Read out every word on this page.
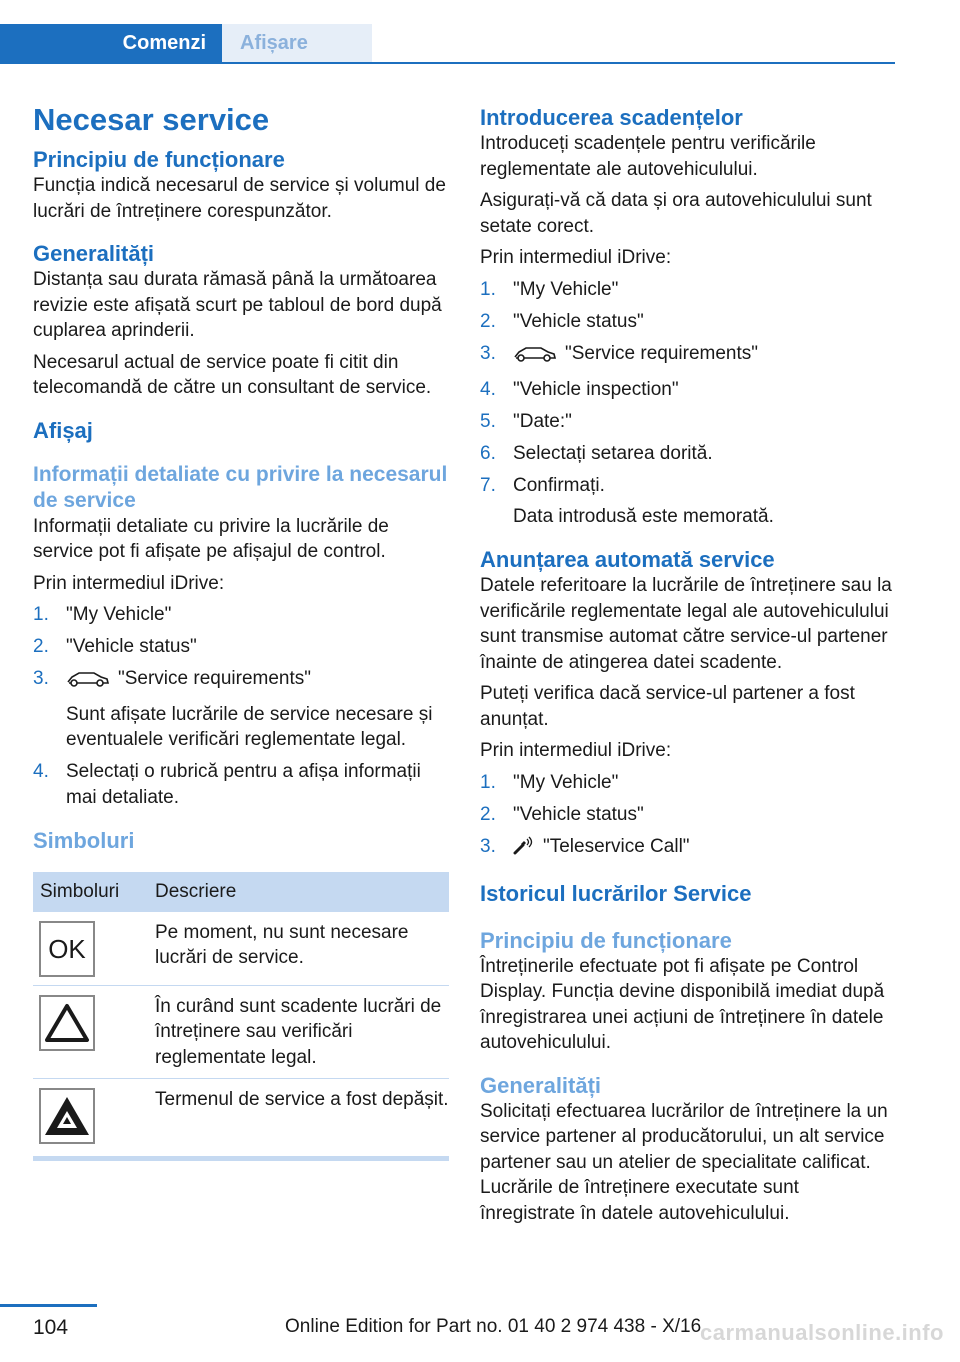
Comenzi	Afișare
Necesar service
Principiu de funcționare

Funcția indică necesarul de service și volumul de lucrări de întreținere corespunzător.

Generalități

Distanța sau durata rămasă până la următoarea revizie este afișată scurt pe tabloul de bord după cuplarea aprinderii.

Necesarul actual de service poate fi citit din telecomandă de către un consultant de service.

Afișaj
Informații detaliate cu privire la necesarul de service

Informații detaliate cu privire la lucrările de service pot fi afișate pe afișajul de control.

Prin intermediul iDrive:

1. "My Vehicle"
2. "Vehicle status"
3.	"Service requirements"
Sunt afișate lucrările de service necesare și eventualele verificări reglementate legal.
4. Selectați o rubrică pentru a afișa informații mai detaliate.
Simboluri
Simboluri	Descriere

OK	Pe moment, nu sunt necesare lucrări de service.

	În curând sunt scadente lucrări de întreținere sau verificări reglementate legal.

	Termenul de service a fost depășit.
Introducerea scadențelor

Introduceți scadențele pentru verificările reglementate ale autovehiculului.

Asigurați-vă că data și ora autovehiculului sunt setate corect.

Prin intermediul iDrive:

1. "My Vehicle"
2. "Vehicle status"
3.	"Service requirements"
4. "Vehicle inspection"
5. "Date:"
6. Selectați setarea dorită.
7. Confirmați.
Data introdusă este memorată.
Anunțarea automată service

Datele referitoare la lucrările de întreținere sau la verificările reglementate legal ale autovehiculului sunt transmise automat către service-ul partener înainte de atingerea datei scadente.

Puteți verifica dacă service-ul partener a fost anunțat.

Prin intermediul iDrive:

1. "My Vehicle"
2. "Vehicle status"
3. "Teleservice Call"
Istoricul lucrărilor Service
Principiu de funcționare

Întreținerile efectuate pot fi afișate pe Control Display. Funcția devine disponibilă imediat după înregistrarea unei acțiuni de întreținere în datele autovehiculului.

Generalități

Solicitați efectuarea lucrărilor de întreținere la un service partener al producătorului, un alt service partener sau un atelier de specialitate calificat. Lucrările de întreținere executate sunt înregistrate în datele autovehiculului.

104	Online Edition for Part no. 01 40 2 974 438 - X/16
carmanualsonline.info
